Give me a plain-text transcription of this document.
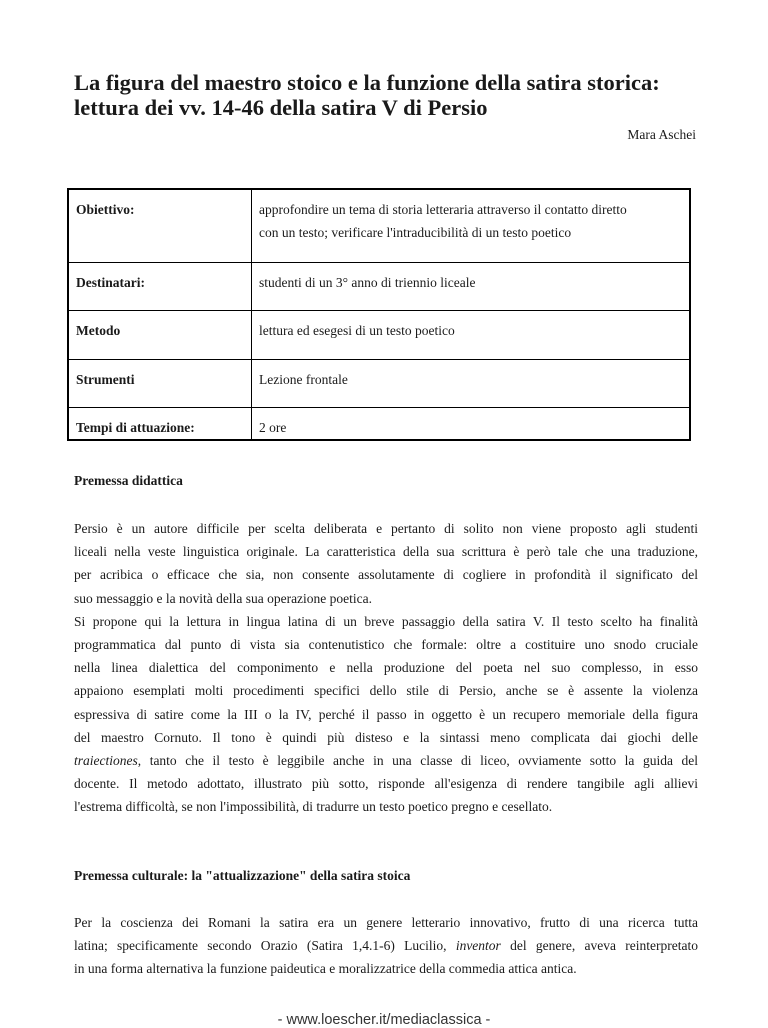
La figura del maestro stoico e la funzione della satira storica:
lettura dei vv. 14-46 della satira V di Persio
Mara Aschei
Obiettivo:	approfondire un tema di storia letteraria attraverso il contatto diretto
con un testo; verificare l'intraducibilità di un testo poetico

Destinatari:	studenti di un 3° anno di triennio liceale
Metodo	lettura ed esegesi di un testo poetico
Strumenti	Lezione frontale
Tempi di attuazione:	2 ore
Premessa didattica
Persio è un autore difficile per scelta deliberata e pertanto di solito non viene proposto agli studenti
liceali nella veste linguistica originale. La caratteristica della sua scrittura è però tale che una traduzione,
per acribica o efficace che sia, non consente assolutamente di cogliere in profondità il significato del
suo messaggio e la novità della sua operazione poetica.
Si propone qui la lettura in lingua latina di un breve passaggio della satira V. Il testo scelto ha finalità
programmatica dal punto di vista sia contenutistico che formale: oltre a costituire uno snodo cruciale
nella linea dialettica del componimento e nella produzione del poeta nel suo complesso, in esso
appaiono esemplati molti procedimenti specifici dello stile di Persio, anche se è assente la violenza
espressiva di satire come la III o la IV, perché il passo in oggetto è un recupero memoriale della figura
del maestro Cornuto. Il tono è quindi più disteso e la sintassi meno complicata dai giochi delle
traiectiones, tanto che il testo è leggibile anche in una classe di liceo, ovviamente sotto la guida del
docente. Il metodo adottato, illustrato più sotto, risponde all'esigenza di rendere tangibile agli allievi
l'estrema difficoltà, se non l'impossibilità, di tradurre un testo poetico pregno e cesellato.
Premessa culturale: la "attualizzazione" della satira stoica
Per la coscienza dei Romani la satira era un genere letterario innovativo, frutto di una ricerca tutta
latina; specificamente secondo Orazio (Satira 1,4.1-6) Lucilio, inventor del genere, aveva reinterpretato
in una forma alternativa la funzione paideutica e moralizzatrice della commedia attica antica.
- www.loescher.it/mediaclassica -
